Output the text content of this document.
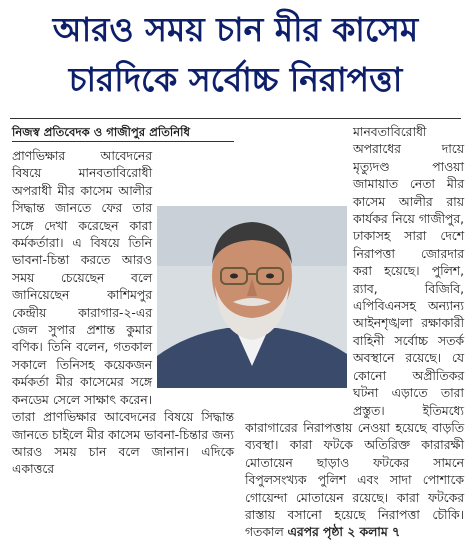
আরও সময় চান মীর কাসেম
চারদিকে সর্বোচ্চ নিরাপত্তা
নিজস্ব প্রতিবেদক ও গাজীপুর প্রতিনিধি

প্রাণভিক্ষার আবেদনের বিষয়ে মানবতাবিরোধী অপরাধী মীর কাসেম আলীর সিদ্ধান্ত জানতে ফের তার সঙ্গে দেখা করেছেন কারা কর্মকর্তারা। এ বিষয়ে তিনি ভাবনা-চিন্তা করতে আরও সময় চেয়েছেন বলে জানিয়েছেন কাশিমপুর কেন্দ্রীয় কারাগার-২-এর জেল সুপার প্রশান্ত কুমার বণিক। তিনি বলেন, গতকাল সকালে তিনিসহ কয়েকজন কর্মকর্তা মীর কাসেমের সঙ্গে কনডেম সেলে সাক্ষাৎ করেন। তারা প্রাণভিক্ষার আবেদনের বিষয়ে সিদ্ধান্ত জানতে চাইলে মীর কাসেম ভাবনা-চিন্তার জন্য আরও সময় চান বলে জানান। এদিকে একাত্তরে

মানবতাবিরোধী অপরাধের দায়ে মৃত্যুদণ্ড পাওয়া জামায়াত নেতা মীর কাসেম আলীর রায় কার্যকর নিয়ে গাজীপুর, ঢাকাসহ সারা দেশে নিরাপত্তা জোরদার করা হয়েছে। পুলিশ, র‌্যাব, বিজিবি, এপিবিএনসহ অন্যান্য আইনশৃঙ্খলা রক্ষাকারী বাহিনী সর্বোচ্চ সতর্ক অবস্থানে রয়েছে। যে কোনো অপ্রীতিকর ঘটনা এড়াতে তারা প্রস্তুত। ইতিমধ্যে কারাগারের নিরাপত্তায় নেওয়া হয়েছে বাড়তি ব্যবস্থা। কারা ফটকে অতিরিক্ত কারারক্ষী মোতায়েন ছাড়াও ফটকের সামনে বিপুলসংখ্যক পুলিশ এবং সাদা পোশাকে গোয়েন্দা মোতায়েন রয়েছে। কারা ফটকের রাস্তায় বসানো হয়েছে নিরাপত্তা চৌকি। গতকাল এরপর পৃষ্ঠা ২ কলাম ৭
